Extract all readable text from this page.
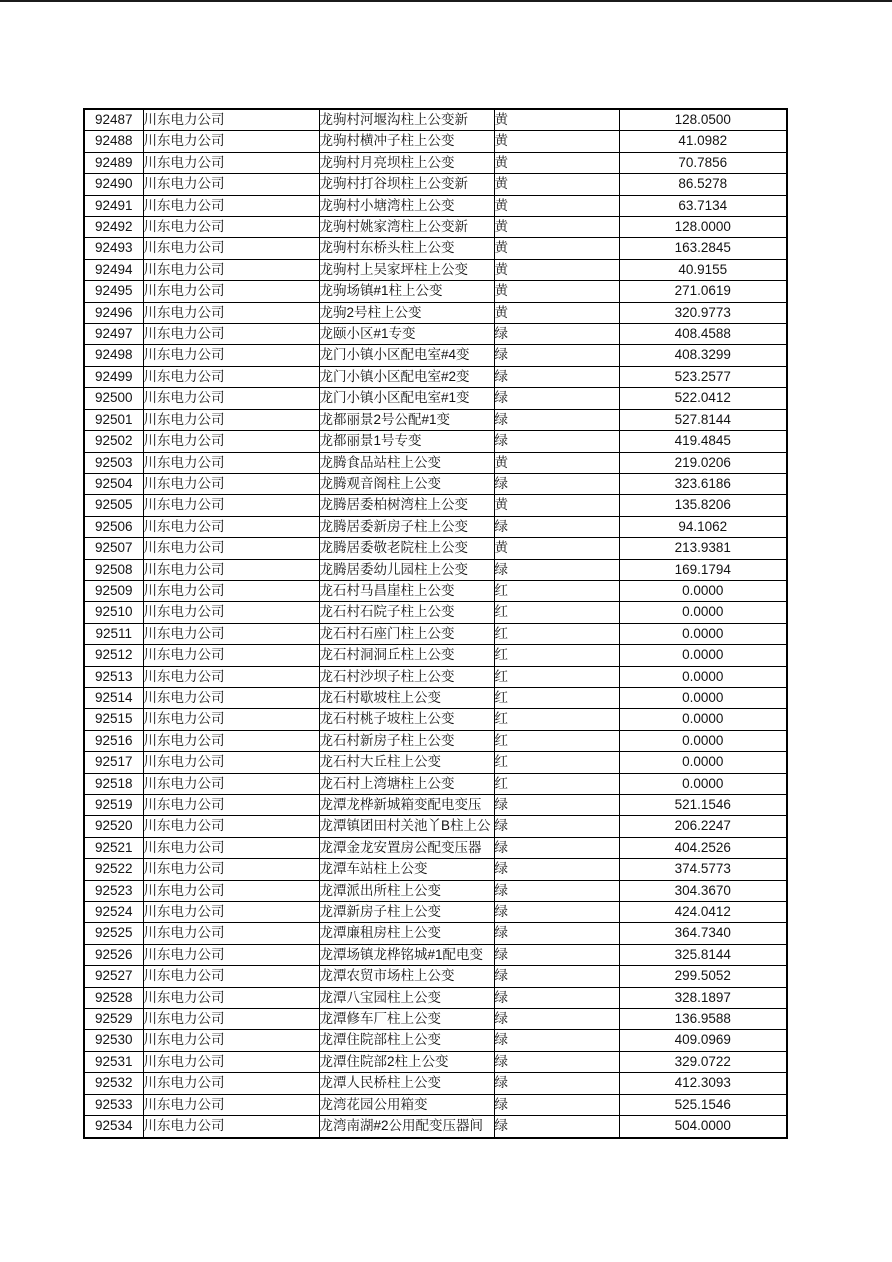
92487	川东电力公司	龙驹村河堰沟柱上公变新	黄	128.0500
92488	川东电力公司	龙驹村横冲子柱上公变	黄	41.0982
92489	川东电力公司	龙驹村月亮坝柱上公变	黄	70.7856
92490	川东电力公司	龙驹村打谷坝柱上公变新	黄	86.5278
92491	川东电力公司	龙驹村小塘湾柱上公变	黄	63.7134
92492	川东电力公司	龙驹村姚家湾柱上公变新	黄	128.0000
92493	川东电力公司	龙驹村东桥头柱上公变	黄	163.2845
92494	川东电力公司	龙驹村上吴家坪柱上公变	黄	40.9155
92495	川东电力公司	龙驹场镇#1柱上公变	黄	271.0619
92496	川东电力公司	龙驹2号柱上公变	黄	320.9773
92497	川东电力公司	龙颐小区#1专变	绿	408.4588
92498	川东电力公司	龙门小镇小区配电室#4变	绿	408.3299
92499	川东电力公司	龙门小镇小区配电室#2变	绿	523.2577
92500	川东电力公司	龙门小镇小区配电室#1变	绿	522.0412
92501	川东电力公司	龙都丽景2号公配#1变	绿	527.8144
92502	川东电力公司	龙都丽景1号专变	绿	419.4845
92503	川东电力公司	龙腾食品站柱上公变	黄	219.0206
92504	川东电力公司	龙腾观音阁柱上公变	绿	323.6186
92505	川东电力公司	龙腾居委柏树湾柱上公变	黄	135.8206
92506	川东电力公司	龙腾居委新房子柱上公变	绿	94.1062
92507	川东电力公司	龙腾居委敬老院柱上公变	黄	213.9381
92508	川东电力公司	龙腾居委幼儿园柱上公变	绿	169.1794
92509	川东电力公司	龙石村马昌崖柱上公变	红	0.0000
92510	川东电力公司	龙石村石院子柱上公变	红	0.0000
92511	川东电力公司	龙石村石座门柱上公变	红	0.0000
92512	川东电力公司	龙石村洞洞丘柱上公变	红	0.0000
92513	川东电力公司	龙石村沙坝子柱上公变	红	0.0000
92514	川东电力公司	龙石村歇坡柱上公变	红	0.0000
92515	川东电力公司	龙石村桃子坡柱上公变	红	0.0000
92516	川东电力公司	龙石村新房子柱上公变	红	0.0000
92517	川东电力公司	龙石村大丘柱上公变	红	0.0000
92518	川东电力公司	龙石村上湾塘柱上公变	红	0.0000
92519	川东电力公司	龙潭龙桦新城箱变配电变压	绿	521.1546
92520	川东电力公司	龙潭镇团田村关池丫B柱上公	绿	206.2247
92521	川东电力公司	龙潭金龙安置房公配变压器	绿	404.2526
92522	川东电力公司	龙潭车站柱上公变	绿	374.5773
92523	川东电力公司	龙潭派出所柱上公变	绿	304.3670
92524	川东电力公司	龙潭新房子柱上公变	绿	424.0412
92525	川东电力公司	龙潭廉租房柱上公变	绿	364.7340
92526	川东电力公司	龙潭场镇龙桦铭城#1配电变	绿	325.8144
92527	川东电力公司	龙潭农贸市场柱上公变	绿	299.5052
92528	川东电力公司	龙潭八宝园柱上公变	绿	328.1897
92529	川东电力公司	龙潭修车厂柱上公变	绿	136.9588
92530	川东电力公司	龙潭住院部柱上公变	绿	409.0969
92531	川东电力公司	龙潭住院部2柱上公变	绿	329.0722
92532	川东电力公司	龙潭人民桥柱上公变	绿	412.3093
92533	川东电力公司	龙湾花园公用箱变	绿	525.1546
92534	川东电力公司	龙湾南湖#2公用配变压器间	绿	504.0000
